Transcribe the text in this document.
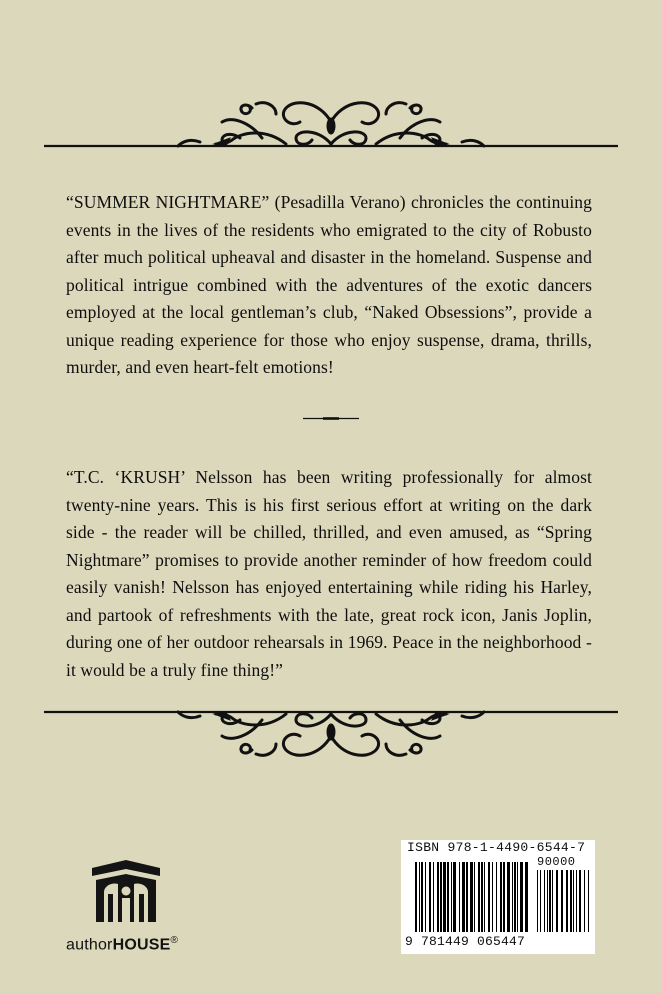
“SUMMER NIGHTMARE” (Pesadilla Verano) chronicles the continuing events in the lives of the residents who emigrated to the city of Robusto after much political upheaval and disaster in the homeland. Suspense and political intrigue combined with the adventures of the exotic dancers employed at the local gentleman’s club, “Naked Obsessions”, provide a unique reading experience for those who enjoy suspense, drama, thrills, murder, and even heart-felt emotions!
“T.C. ‘KRUSH’ Nelsson has been writing professionally for almost twenty-nine years. This is his first serious effort at writing on the dark side - the reader will be chilled, thrilled, and even amused, as “Spring Nightmare” promises to provide another reminder of how freedom could easily vanish! Nelsson has enjoyed entertaining while riding his Harley, and partook of refreshments with the late, great rock icon, Janis Joplin, during one of her outdoor rehearsals in 1969. Peace in the neighborhood - it would be a truly fine thing!”
authorHOUSE®
ISBN 978-1-4490-6544-7
90000
9 781449 065447
